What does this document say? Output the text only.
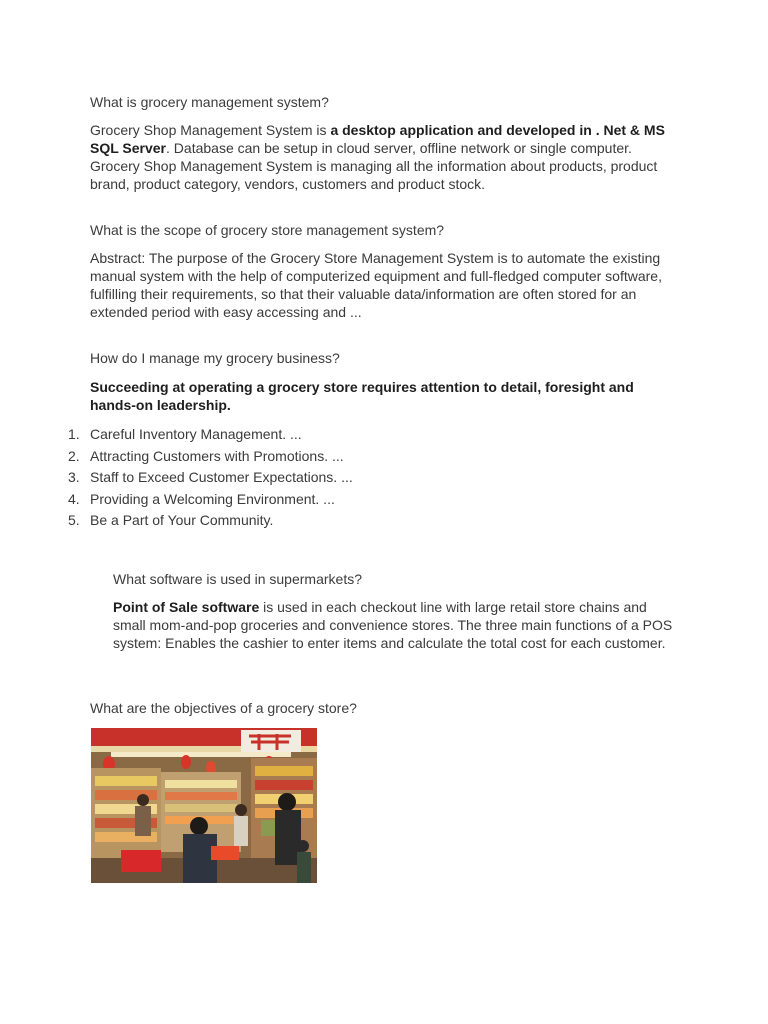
What is grocery management system?

Grocery Shop Management System is a desktop application and developed in . Net & MS SQL Server. Database can be setup in cloud server, offline network or single computer. Grocery Shop Management System is managing all the information about products, product brand, product category, vendors, customers and product stock.

What is the scope of grocery store management system?

Abstract: The purpose of the Grocery Store Management System is to automate the existing manual system with the help of computerized equipment and full-fledged computer software, fulfilling their requirements, so that their valuable data/information are often stored for an extended period with easy accessing and ...

How do I manage my grocery business?

Succeeding at operating a grocery store requires attention to detail, foresight and hands-on leadership.

1. Careful Inventory Management. ...
2. Attracting Customers with Promotions. ...
3. Staff to Exceed Customer Expectations. ...
4. Providing a Welcoming Environment. ...
5. Be a Part of Your Community.
What software is used in supermarkets?

Point of Sale software is used in each checkout line with large retail store chains and small mom-and-pop groceries and convenience stores. The three main functions of a POS system: Enables the cashier to enter items and calculate the total cost for each customer.

What are the objectives of a grocery store?
